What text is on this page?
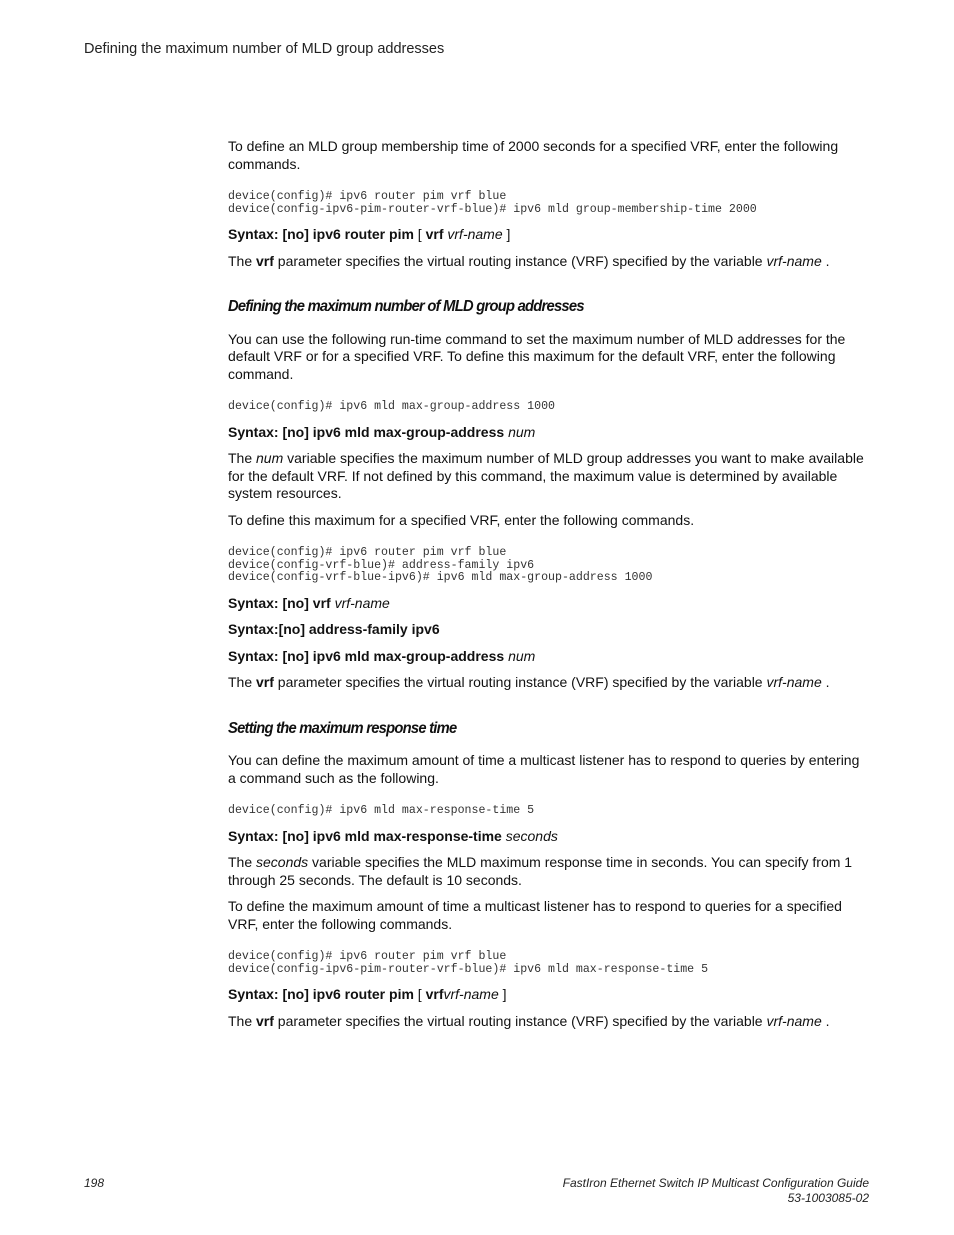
Defining the maximum number of MLD group addresses

To define an MLD group membership time of 2000 seconds for a specified VRF, enter the following commands.

device(config)# ipv6 router pim vrf blue
device(config-ipv6-pim-router-vrf-blue)# ipv6 mld group-membership-time 2000

Syntax: [no] ipv6 router pim [ vrf vrf-name ]

The vrf parameter specifies the virtual routing instance (VRF) specified by the variable vrf-name .

Defining the maximum number of MLD group addresses

You can use the following run-time command to set the maximum number of MLD addresses for the default VRF or for a specified VRF. To define this maximum for the default VRF, enter the following command.

device(config)# ipv6 mld max-group-address 1000

Syntax: [no] ipv6 mld max-group-address num

The num variable specifies the maximum number of MLD group addresses you want to make available for the default VRF. If not defined by this command, the maximum value is determined by available system resources.

To define this maximum for a specified VRF, enter the following commands.

device(config)# ipv6 router pim vrf blue
device(config-vrf-blue)# address-family ipv6
device(config-vrf-blue-ipv6)# ipv6 mld max-group-address 1000

Syntax: [no] vrf vrf-name

Syntax:[no] address-family ipv6

Syntax: [no] ipv6 mld max-group-address num

The vrf parameter specifies the virtual routing instance (VRF) specified by the variable vrf-name .

Setting the maximum response time

You can define the maximum amount of time a multicast listener has to respond to queries by entering a command such as the following.

device(config)# ipv6 mld max-response-time 5

Syntax: [no] ipv6 mld max-response-time seconds

The seconds variable specifies the MLD maximum response time in seconds. You can specify from 1 through 25 seconds. The default is 10 seconds.

To define the maximum amount of time a multicast listener has to respond to queries for a specified VRF, enter the following commands.

device(config)# ipv6 router pim vrf blue
device(config-ipv6-pim-router-vrf-blue)# ipv6 mld max-response-time 5

Syntax: [no] ipv6 router pim [ vrfvrf-name ]

The vrf parameter specifies the virtual routing instance (VRF) specified by the variable vrf-name .

198	FastIron Ethernet Switch IP Multicast Configuration Guide
53-1003085-02
